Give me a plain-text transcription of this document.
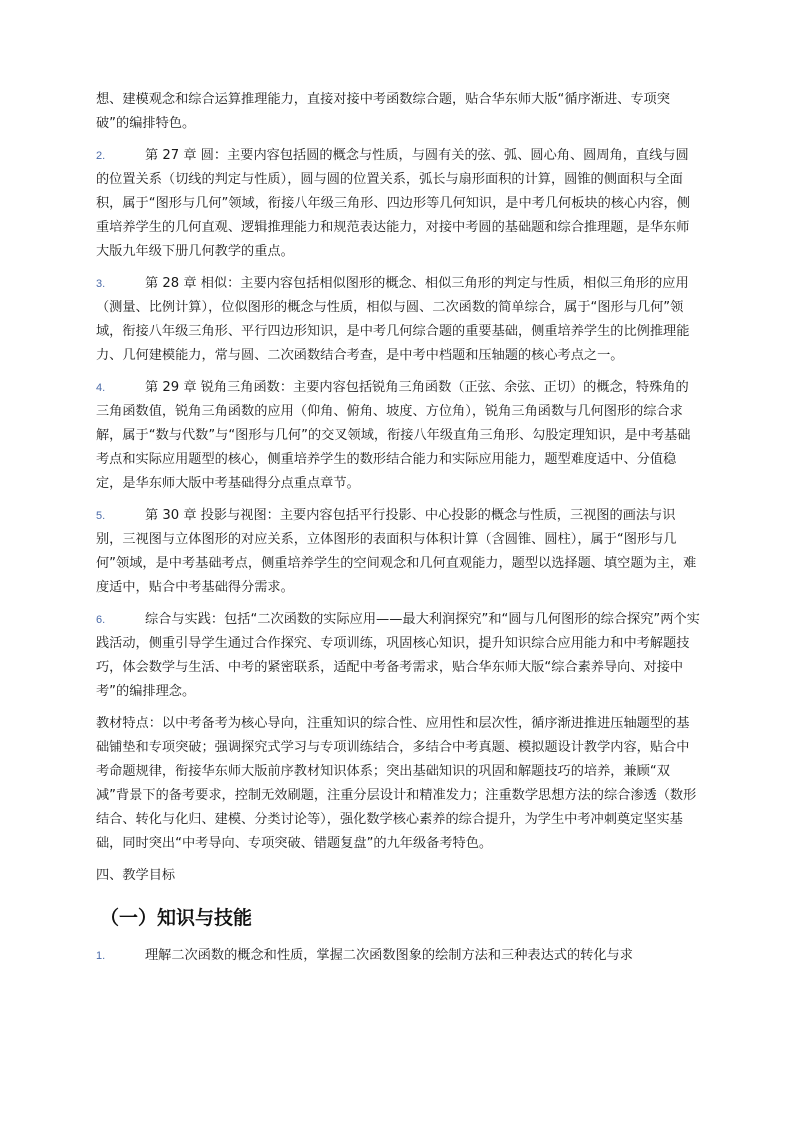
想、建模观念和综合运算推理能力，直接对接中考函数综合题，贴合华东师大版“循序渐进、专项突破”的编排特色。

2.	第 27 章 圆：主要内容包括圆的概念与性质，与圆有关的弦、弧、圆心角、圆周角，直线与圆的位置关系（切线的判定与性质），圆与圆的位置关系，弧长与扇形面积的计算，圆锥的侧面积与全面积，属于“图形与几何”领域，衔接八年级三角形、四边形等几何知识，是中考几何板块的核心内容，侧重培养学生的几何直观、逻辑推理能力和规范表达能力，对接中考圆的基础题和综合推理题，是华东师大版九年级下册几何教学的重点。

3.	第 28 章 相似：主要内容包括相似图形的概念、相似三角形的判定与性质，相似三角形的应用（测量、比例计算），位似图形的概念与性质，相似与圆、二次函数的简单综合，属于“图形与几何”领域，衔接八年级三角形、平行四边形知识，是中考几何综合题的重要基础，侧重培养学生的比例推理能力、几何建模能力，常与圆、二次函数结合考查，是中考中档题和压轴题的核心考点之一。

4.	第 29 章 锐角三角函数：主要内容包括锐角三角函数（正弦、余弦、正切）的概念，特殊角的三角函数值，锐角三角函数的应用（仰角、俯角、坡度、方位角），锐角三角函数与几何图形的综合求解，属于“数与代数”与“图形与几何”的交叉领域，衔接八年级直角三角形、勾股定理知识，是中考基础考点和实际应用题型的核心，侧重培养学生的数形结合能力和实际应用能力，题型难度适中、分值稳定，是华东师大版中考基础得分点重点章节。

5.	第 30 章 投影与视图：主要内容包括平行投影、中心投影的概念与性质，三视图的画法与识别，三视图与立体图形的对应关系，立体图形的表面积与体积计算（含圆锥、圆柱），属于“图形与几何”领域，是中考基础考点，侧重培养学生的空间观念和几何直观能力，题型以选择题、填空题为主，难度适中，贴合中考基础得分需求。

6.	综合与实践：包括“二次函数的实际应用——最大利润探究”和“圆与几何图形的综合探究”两个实践活动，侧重引导学生通过合作探究、专项训练，巩固核心知识，提升知识综合应用能力和中考解题技巧，体会数学与生活、中考的紧密联系，适配中考备考需求，贴合华东师大版“综合素养导向、对接中考”的编排理念。

教材特点：以中考备考为核心导向，注重知识的综合性、应用性和层次性，循序渐进推进压轴题型的基础铺垫和专项突破；强调探究式学习与专项训练结合，多结合中考真题、模拟题设计教学内容，贴合中考命题规律，衔接华东师大版前序教材知识体系；突出基础知识的巩固和解题技巧的培养，兼顾“双减”背景下的备考要求，控制无效刷题，注重分层设计和精准发力；注重数学思想方法的综合渗透（数形结合、转化与化归、建模、分类讨论等），强化数学核心素养的综合提升，为学生中考冲刺奠定坚实基础，同时突出“中考导向、专项突破、错题复盘”的九年级备考特色。

四、教学目标

（一）知识与技能
1.	理解二次函数的概念和性质，掌握二次函数图象的绘制方法和三种表达式的转化与求
